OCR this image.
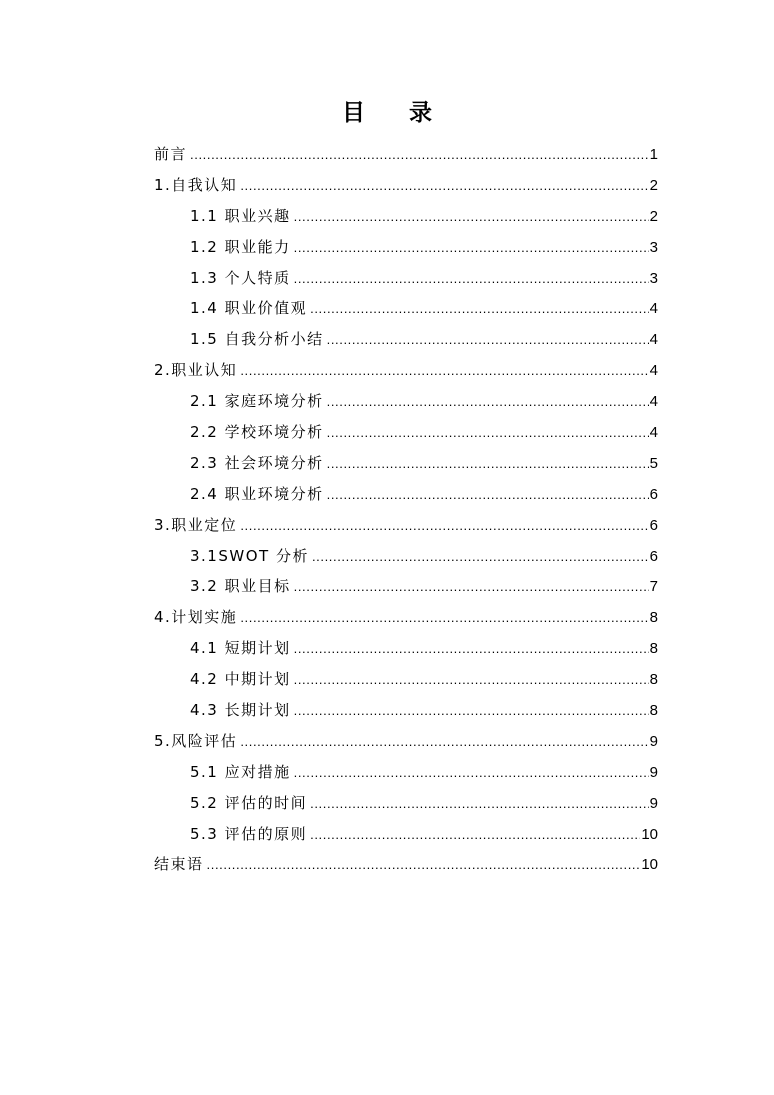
目 录
前言 .....	1
1.自我认知 .....	2
1.1 职业兴趣 .....	2
1.2 职业能力 .....	3
1.3 个人特质 .....	3
1.4 职业价值观 .....	4
1.5 自我分析小结 .....	4
2.职业认知 .....	4
2.1 家庭环境分析 .....	4
2.2 学校环境分析 .....	4
2.3 社会环境分析 .....	5
2.4 职业环境分析 .....	6
3.职业定位 .....	6
3.1SWOT 分析 .....	6
3.2 职业目标 .....	7
4.计划实施 .....	8
4.1 短期计划 .....	8
4.2 中期计划 .....	8
4.3 长期计划 .....	8
5.风险评估 .....	9
5.1 应对措施 .....	9
5.2 评估的时间 .....	9
5.3 评估的原则 .....	10
结束语 .....	10
